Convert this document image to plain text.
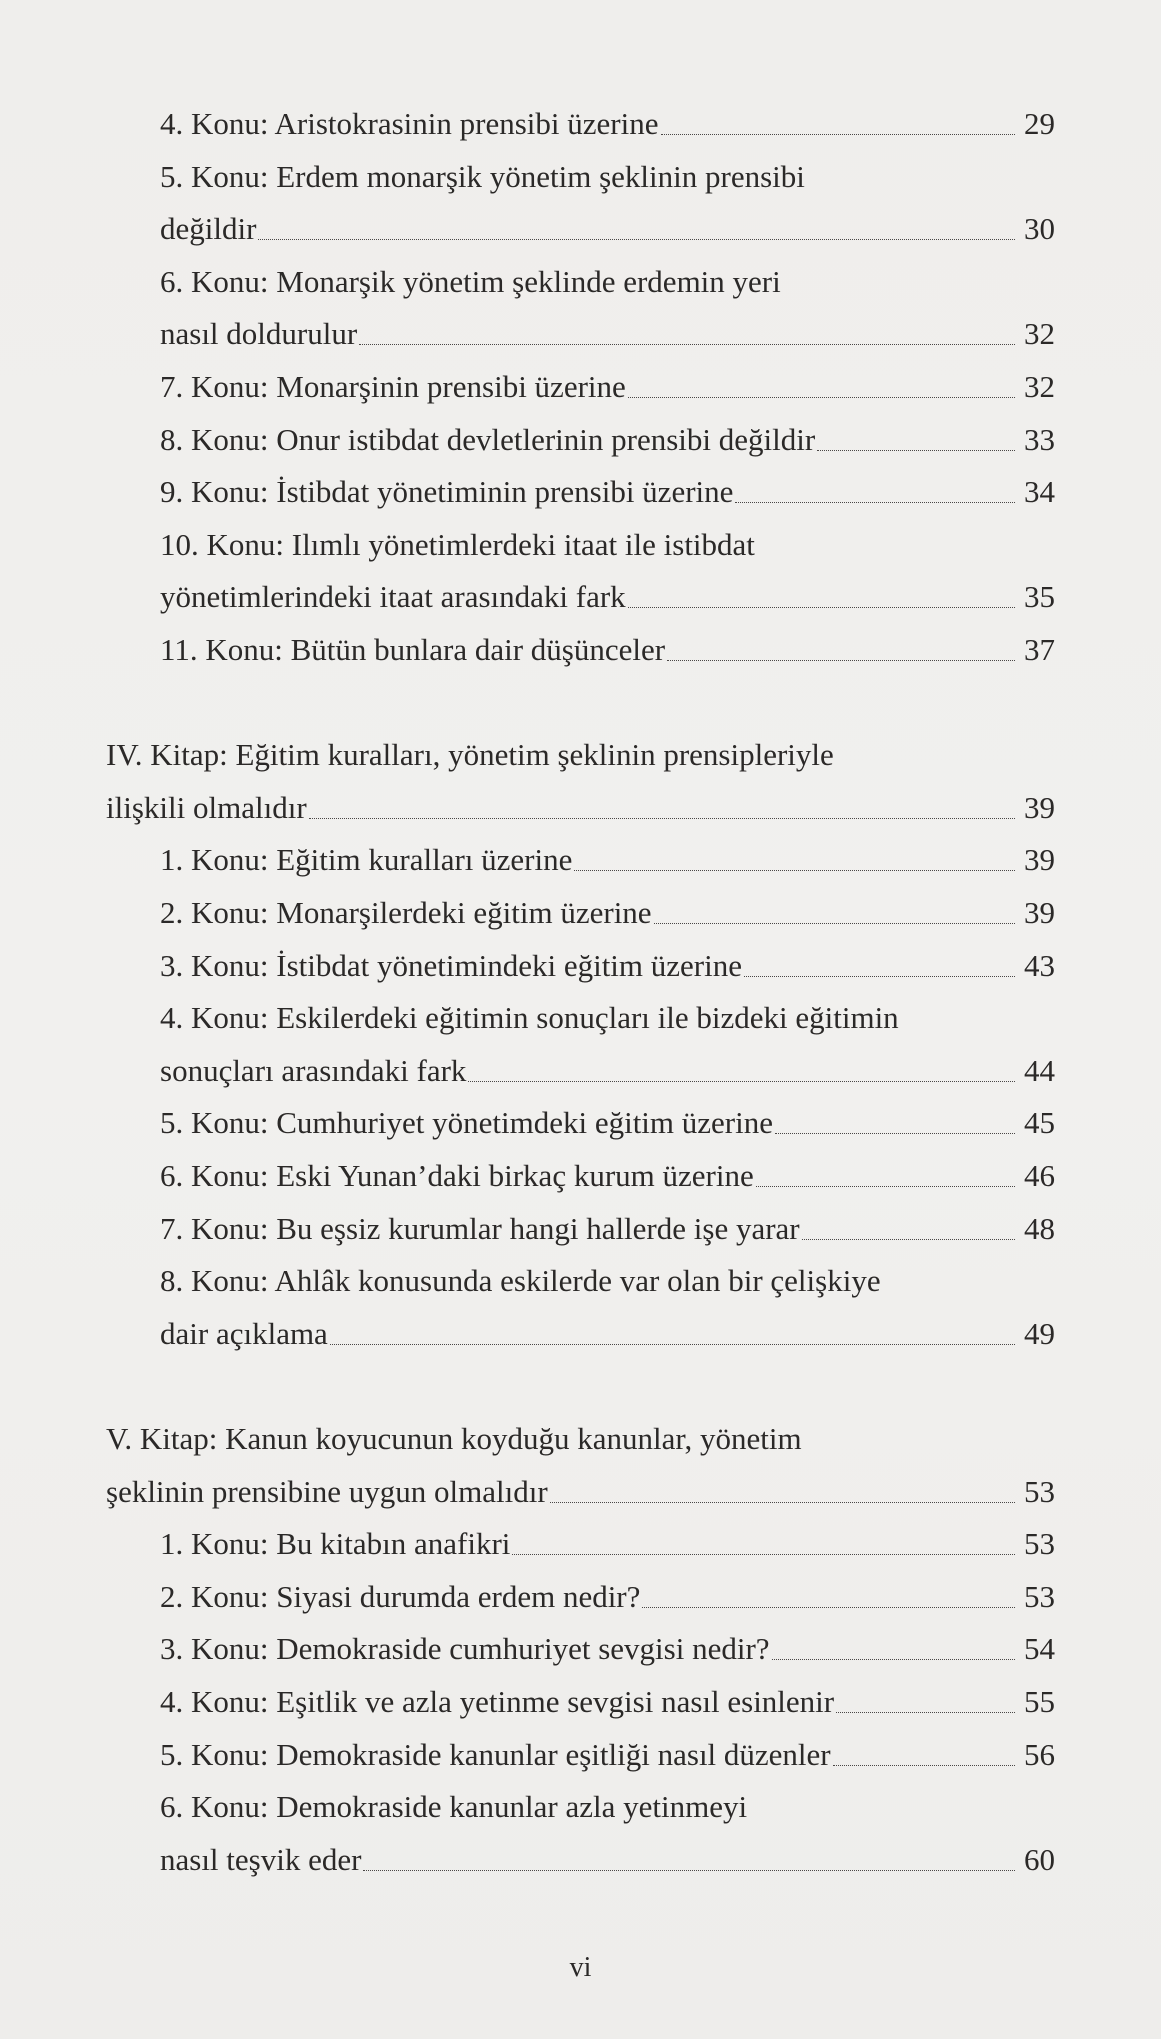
4. Konu: Aristokrasinin prensibi üzerine	29
5. Konu: Erdem monarşik yönetim şeklinin prensibi
değildir	30
6. Konu: Monarşik yönetim şeklinde erdemin yeri
nasıl doldurulur	32
7. Konu: Monarşinin prensibi üzerine	32
8. Konu: Onur istibdat devletlerinin prensibi değildir	33
9. Konu: İstibdat yönetiminin prensibi üzerine	34
10. Konu: Ilımlı yönetimlerdeki itaat ile istibdat
yönetimlerindeki itaat arasındaki fark	35
11. Konu: Bütün bunlara dair düşünceler	37
IV. Kitap: Eğitim kuralları, yönetim şeklinin prensipleriyle
ilişkili olmalıdır	39
1. Konu: Eğitim kuralları üzerine	39
2. Konu: Monarşilerdeki eğitim üzerine	39
3. Konu: İstibdat yönetimindeki eğitim üzerine	43
4. Konu: Eskilerdeki eğitimin sonuçları ile bizdeki eğitimin
sonuçları arasındaki fark	44
5. Konu: Cumhuriyet yönetimdeki eğitim üzerine	45
6. Konu: Eski Yunan’daki birkaç kurum üzerine	46
7. Konu: Bu eşsiz kurumlar hangi hallerde işe yarar	48
8. Konu: Ahlâk konusunda eskilerde var olan bir çelişkiye
dair açıklama	49
V. Kitap: Kanun koyucunun koyduğu kanunlar, yönetim
şeklinin prensibine uygun olmalıdır	53
1. Konu: Bu kitabın anafikri	53
2. Konu: Siyasi durumda erdem nedir?	53
3. Konu: Demokraside cumhuriyet sevgisi nedir?	54
4. Konu: Eşitlik ve azla yetinme sevgisi nasıl esinlenir	55
5. Konu: Demokraside kanunlar eşitliği nasıl düzenler	56
6. Konu: Demokraside kanunlar azla yetinmeyi
nasıl teşvik eder	60
vi
